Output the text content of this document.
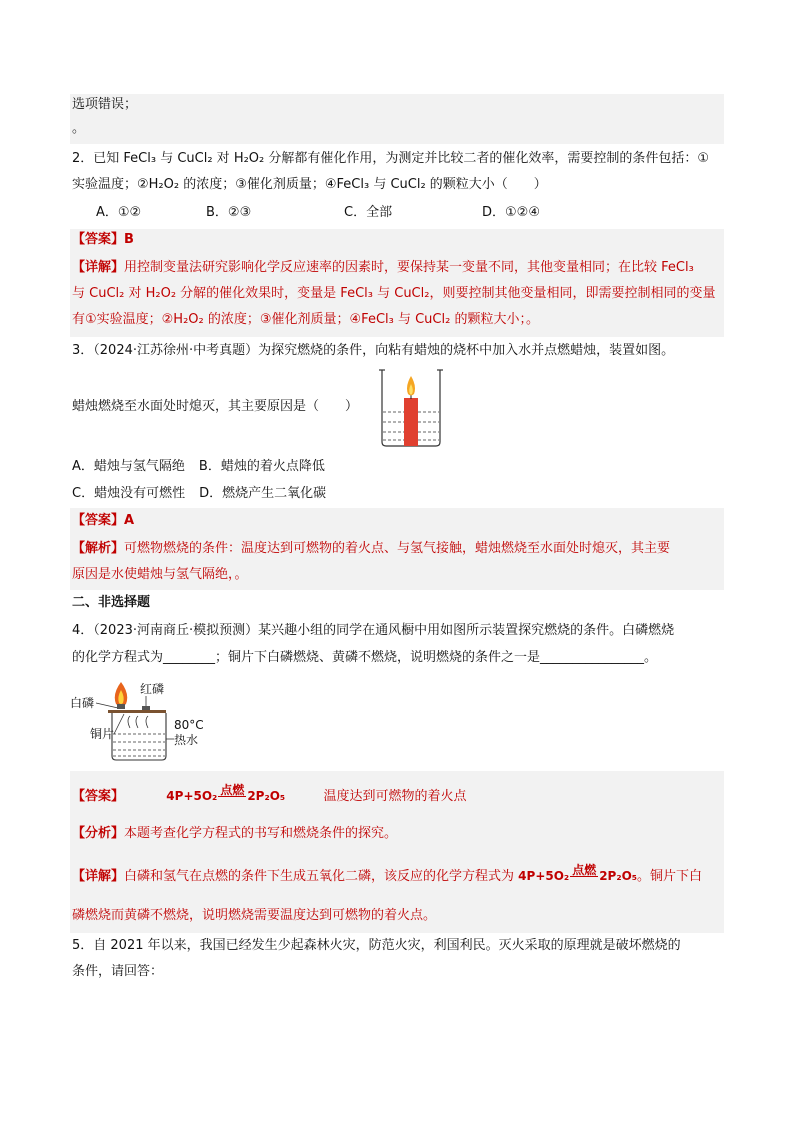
选项错误；
。
2．已知 FeCl₃ 与 CuCl₂ 对 H₂O₂ 分解都有催化作用，为测定并比较二者的催化效率，需要控制的条件包括：①
实验温度；②H₂O₂ 的浓度；③催化剂质量；④FeCl₃ 与 CuCl₂ 的颗粒大小（　　）
A．①②	B．②③	C．全部	D．①②④
【答案】B
【详解】用控制变量法研究影响化学反应速率的因素时，要保持某一变量不同，其他变量相同；在比较 FeCl₃
与 CuCl₂ 对 H₂O₂ 分解的催化效果时，变量是 FeCl₃ 与 CuCl₂，则要控制其他变量相同，即需要控制相同的变量
有①实验温度；②H₂O₂ 的浓度；③催化剂质量；④FeCl₃ 与 CuCl₂ 的颗粒大小；。
3．（2024·江苏徐州·中考真题）为探究燃烧的条件，向粘有蜡烛的烧杯中加入水并点燃蜡烛，装置如图。
蜡烛燃烧至水面处时熄灭，其主要原因是（　　）
A．蜡烛与氢气隔绝 B．蜡烛的着火点降低
C．蜡烛没有可燃性 D．燃烧产生二氧化碳
【答案】A
【解析】可燃物燃烧的条件：温度达到可燃物的着火点、与氢气接触，蜡烛燃烧至水面处时熄灭，其主要
原因是水使蜡烛与氢气隔绝，。
二、非选择题
4．（2023·河南商丘·模拟预测）某兴趣小组的同学在通风橱中用如图所示装置探究燃烧的条件。白磷燃烧
的化学方程式为________；铜片下白磷燃烧、黄磷不燃烧，说明燃烧的条件之一是________________。
白磷
红磷
铜片
80°C
热水
【答案】	4P+5O₂ 点燃 2P₂O₅	温度达到可燃物的着火点
【分析】本题考查化学方程式的书写和燃烧条件的探究。
【详解】白磷和氢气在点燃的条件下生成五氧化二磷，该反应的化学方程式为 4P+5O₂ 点燃 2P₂O₅。铜片下白
磷燃烧而黄磷不燃烧，说明燃烧需要温度达到可燃物的着火点。
5．自 2021 年以来，我国已经发生少起森林火灾，防范火灾，利国利民。灭火采取的原理就是破坏燃烧的
条件，请回答：
